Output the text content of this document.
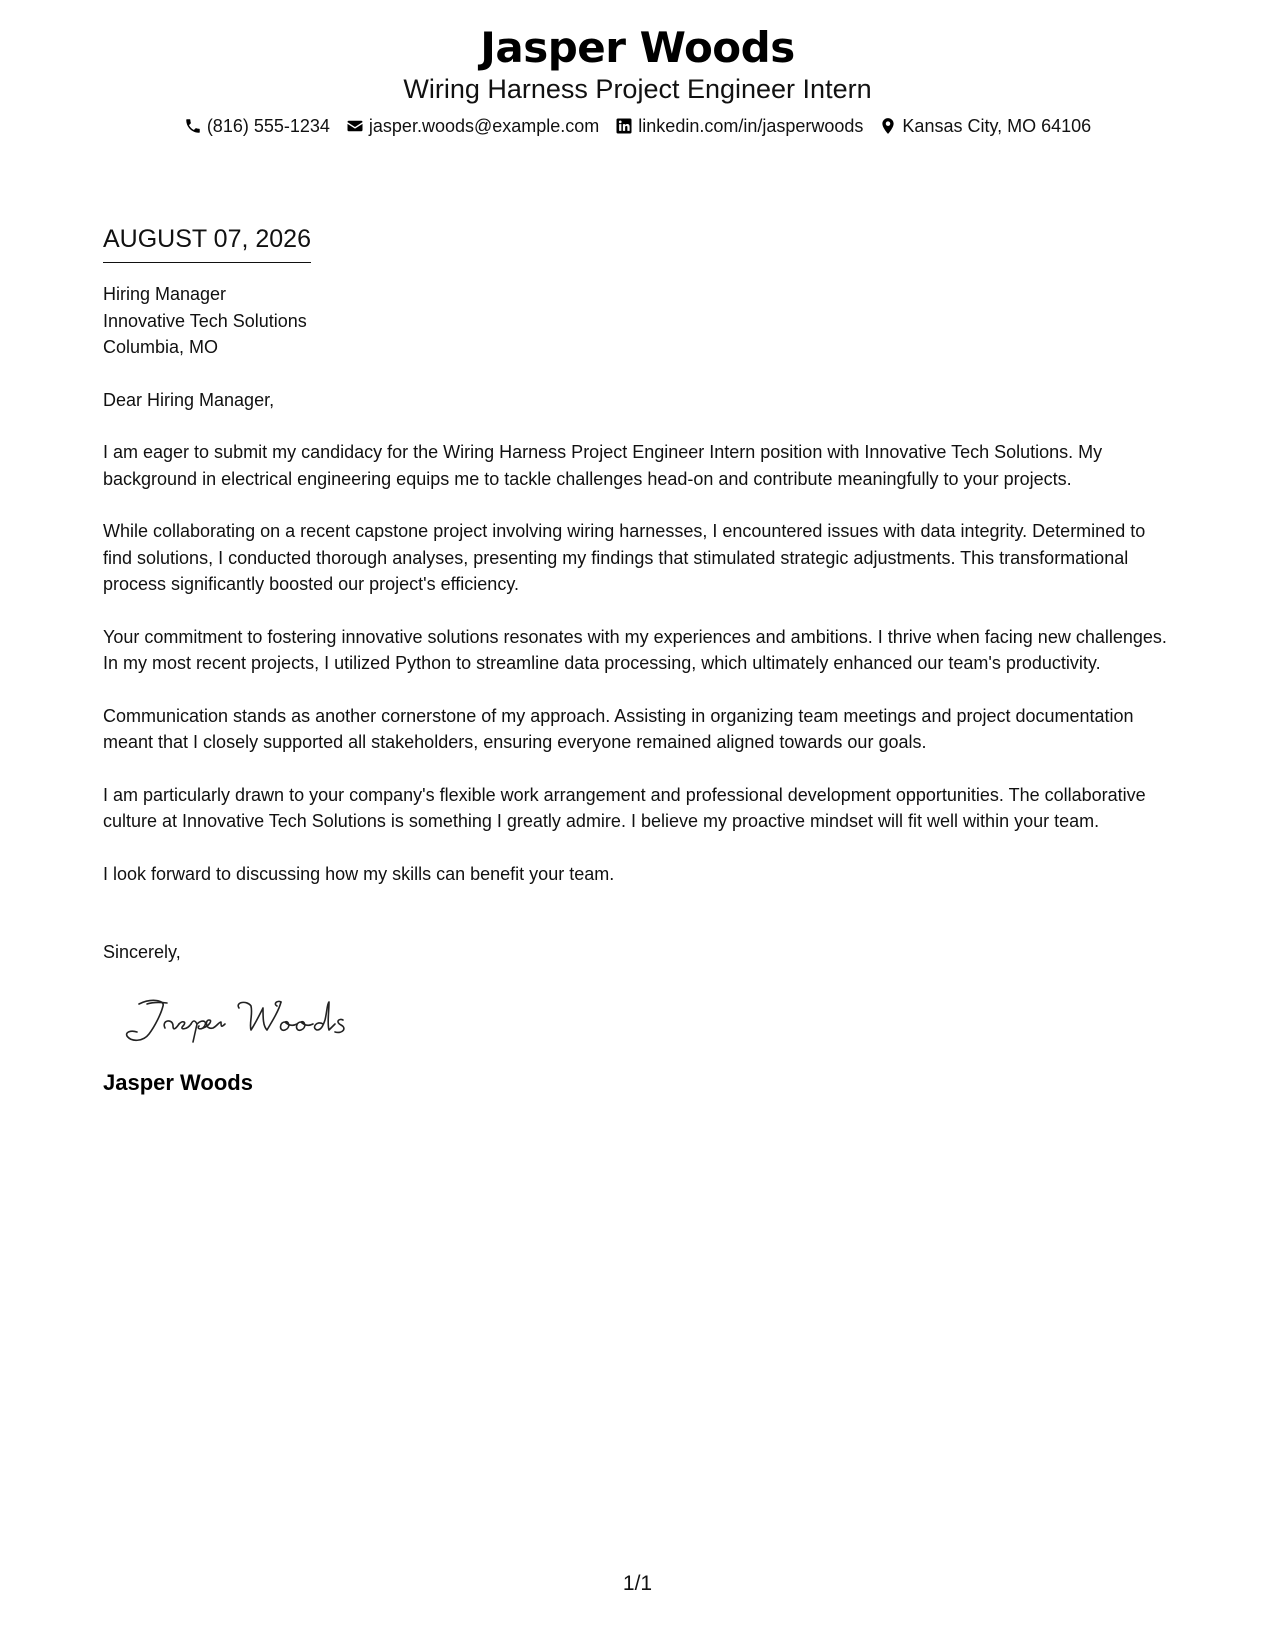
Jasper Woods
Wiring Harness Project Engineer Intern
(816) 555-1234 jasper.woods@example.com linkedin.com/in/jasperwoods Kansas City, MO 64106
AUGUST 07, 2026
Hiring Manager
Innovative Tech Solutions
Columbia, MO
Dear Hiring Manager,
I am eager to submit my candidacy for the Wiring Harness Project Engineer Intern position with Innovative Tech Solutions. My background in electrical engineering equips me to tackle challenges head-on and contribute meaningfully to your projects.
While collaborating on a recent capstone project involving wiring harnesses, I encountered issues with data integrity. Determined to find solutions, I conducted thorough analyses, presenting my findings that stimulated strategic adjustments. This transformational process significantly boosted our project's efficiency.
Your commitment to fostering innovative solutions resonates with my experiences and ambitions. I thrive when facing new challenges. In my most recent projects, I utilized Python to streamline data processing, which ultimately enhanced our team's productivity.
Communication stands as another cornerstone of my approach. Assisting in organizing team meetings and project documentation meant that I closely supported all stakeholders, ensuring everyone remained aligned towards our goals.
I am particularly drawn to your company's flexible work arrangement and professional development opportunities. The collaborative culture at Innovative Tech Solutions is something I greatly admire. I believe my proactive mindset will fit well within your team.
I look forward to discussing how my skills can benefit your team.
Sincerely,
Jasper Woods
1/1
